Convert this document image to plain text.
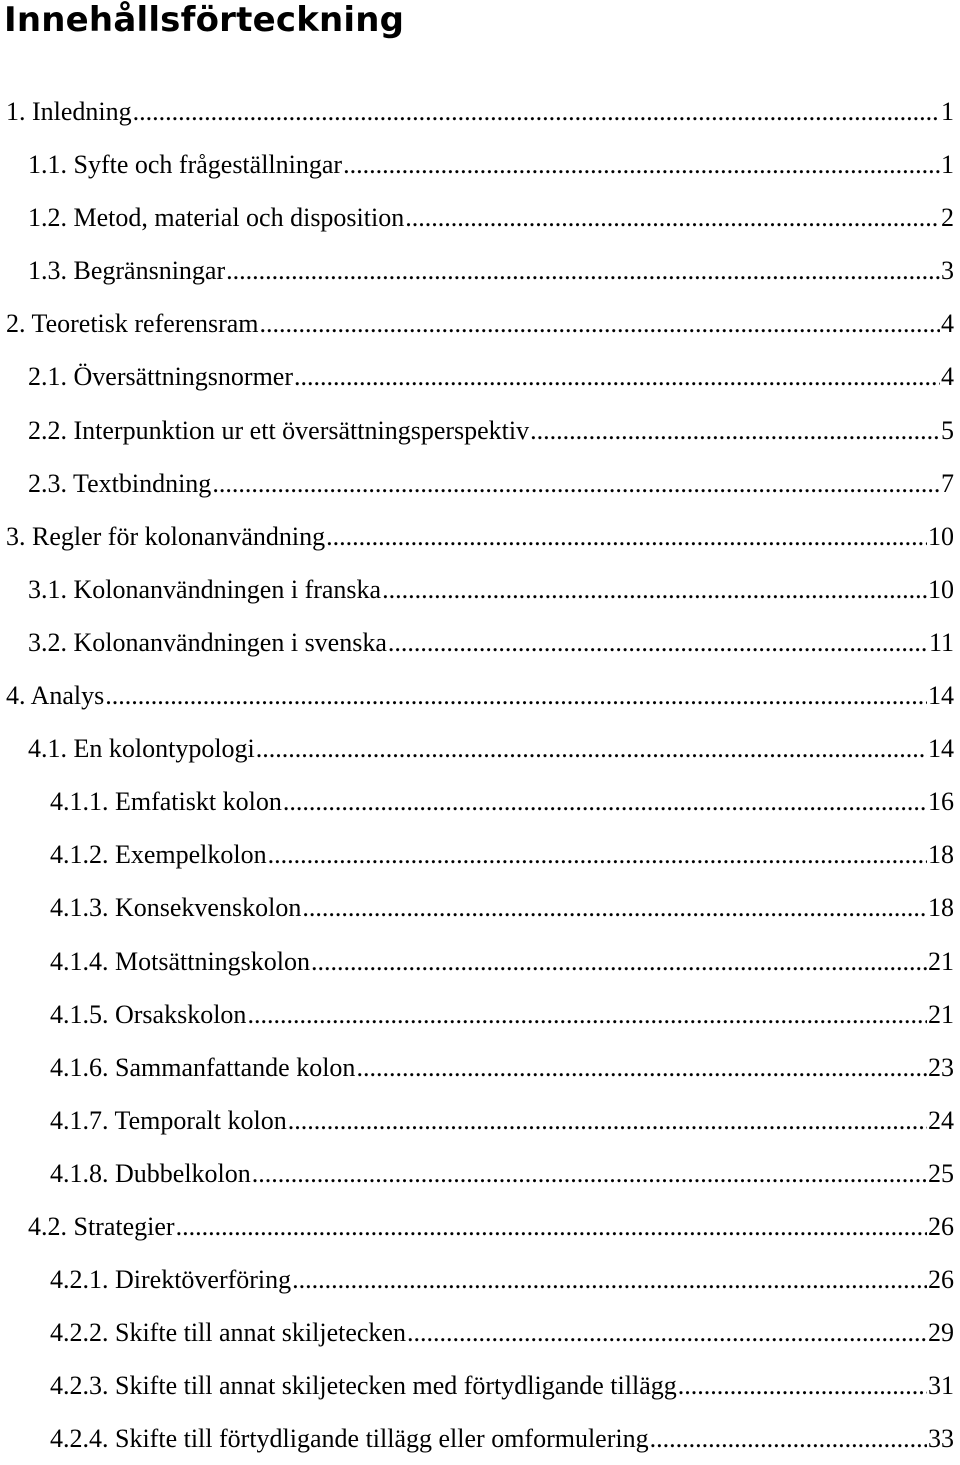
Innehållsförteckning
1. Inledning .....	1
1.1. Syfte och frågeställningar .....	1
1.2. Metod, material och disposition .....	2
1.3. Begränsningar .....	3
2. Teoretisk referensram .....	4
2.1. Översättningsnormer .....	4
2.2. Interpunktion ur ett översättningsperspektiv .....	5
2.3. Textbindning .....	7
3. Regler för kolonanvändning .....	10
3.1. Kolonanvändningen i franska .....	10
3.2. Kolonanvändningen i svenska .....	11
4. Analys .....	14
4.1. En kolontypologi .....	14
4.1.1. Emfatiskt kolon .....	16
4.1.2. Exempelkolon .....	18
4.1.3. Konsekvenskolon .....	18
4.1.4. Motsättningskolon .....	21
4.1.5. Orsakskolon .....	21
4.1.6. Sammanfattande kolon .....	23
4.1.7. Temporalt kolon .....	24
4.1.8. Dubbelkolon .....	25
4.2. Strategier .....	26
4.2.1. Direktöverföring .....	26
4.2.2. Skifte till annat skiljetecken .....	29
4.2.3. Skifte till annat skiljetecken med förtydligande tillägg .....	31
4.2.4. Skifte till förtydligande tillägg eller omformulering .....	33
